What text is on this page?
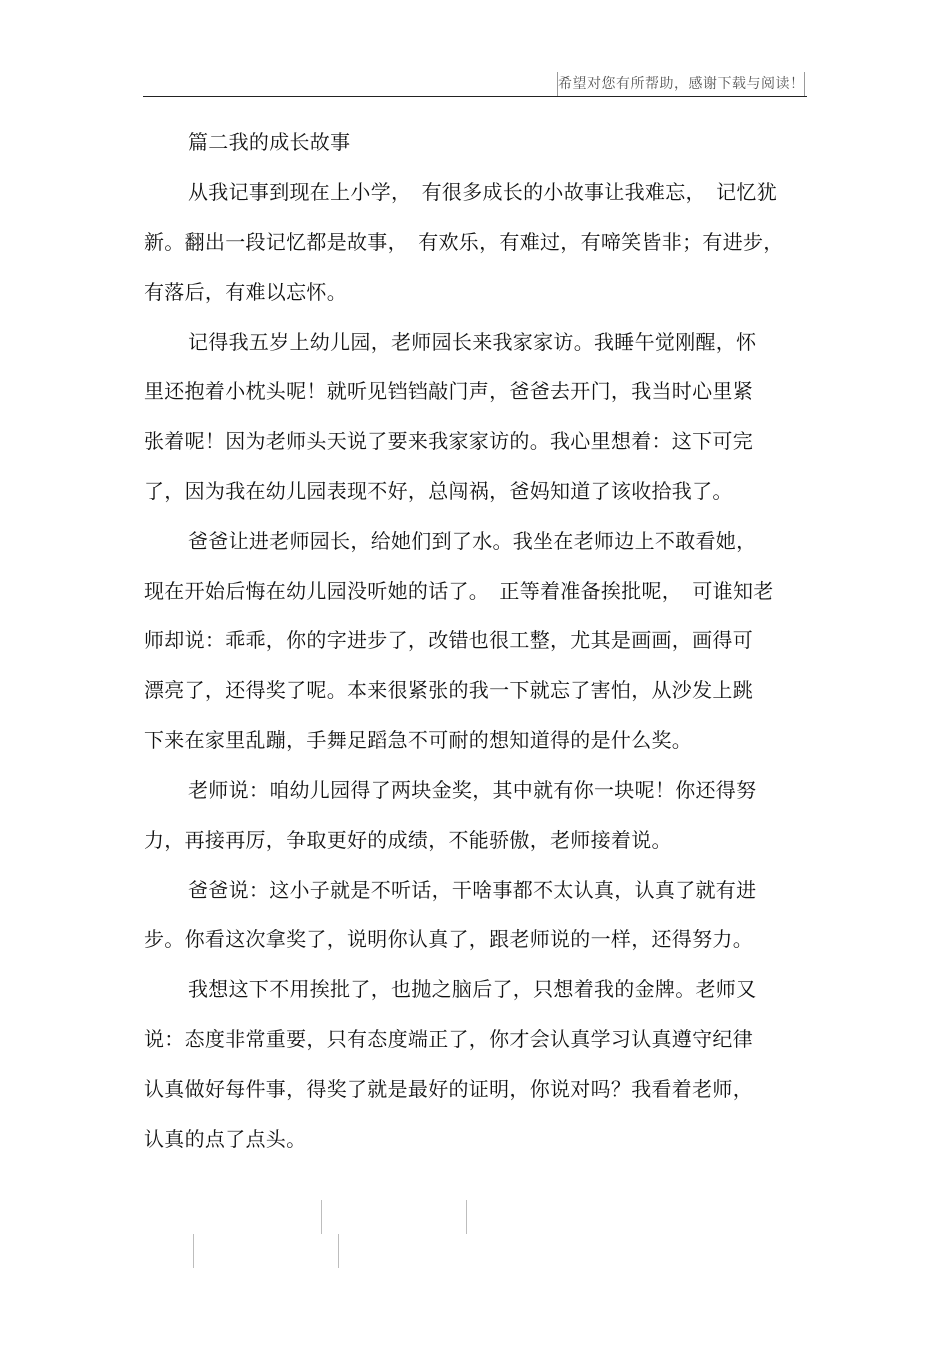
希望对您有所帮助，感谢下载与阅读！
篇二我的成长故事
从我记事到现在上小学，　有很多成长的小故事让我难忘，　记忆犹
新。翻出一段记忆都是故事，　有欢乐，有难过，有啼笑皆非；有进步，
有落后，有难以忘怀。
记得我五岁上幼儿园，老师园长来我家家访。我睡午觉刚醒，怀
里还抱着小枕头呢！就听见铛铛敲门声，爸爸去开门，我当时心里紧
张着呢！因为老师头天说了要来我家家访的。我心里想着：这下可完
了，因为我在幼儿园表现不好，总闯祸，爸妈知道了该收拾我了。
爸爸让进老师园长，给她们到了水。我坐在老师边上不敢看她，
现在开始后悔在幼儿园没听她的话了。　正等着准备挨批呢，　可谁知老
师却说：乖乖，你的字进步了，改错也很工整，尤其是画画，画得可
漂亮了，还得奖了呢。本来很紧张的我一下就忘了害怕，从沙发上跳
下来在家里乱蹦，手舞足蹈急不可耐的想知道得的是什么奖。
老师说：咱幼儿园得了两块金奖，其中就有你一块呢！你还得努
力，再接再厉，争取更好的成绩，不能骄傲，老师接着说。
爸爸说：这小子就是不听话，干啥事都不太认真，认真了就有进
步。你看这次拿奖了，说明你认真了，跟老师说的一样，还得努力。
我想这下不用挨批了，也抛之脑后了，只想着我的金牌。老师又
说：态度非常重要，只有态度端正了，你才会认真学习认真遵守纪律
认真做好每件事，得奖了就是最好的证明，你说对吗？我看着老师，
认真的点了点头。
